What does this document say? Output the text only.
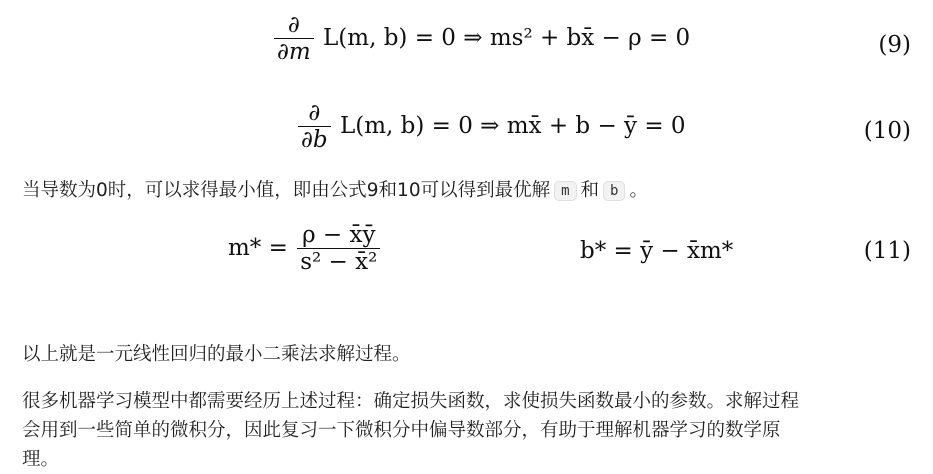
$\frac{\partial}{\partial m} L(m$, b) = 0 ⇒ ms² + bx̄ − ρ = 0	(9)
$\frac{\partial}{\partial b} L(m$, b) = 0 ⇒ mx̄ + b − ȳ = 0	(10)
当导数为0时，可以求得最小值，即由公式9和10可以得到最优解 m 和 b 。
$m* = \frac{\rho - x̄ȳ}{\text{s² − x̄²}}$	b* = ȳ − x̄m*	(11)
以上就是一元线性回归的最小二乘法求解过程。
很多机器学习模型中都需要经历上述过程：确定损失函数，求使损失函数最小的参数。求解过程
会用到一些简单的微积分，因此复习一下微积分中偏导数部分，有助于理解机器学习的数学原
理。
